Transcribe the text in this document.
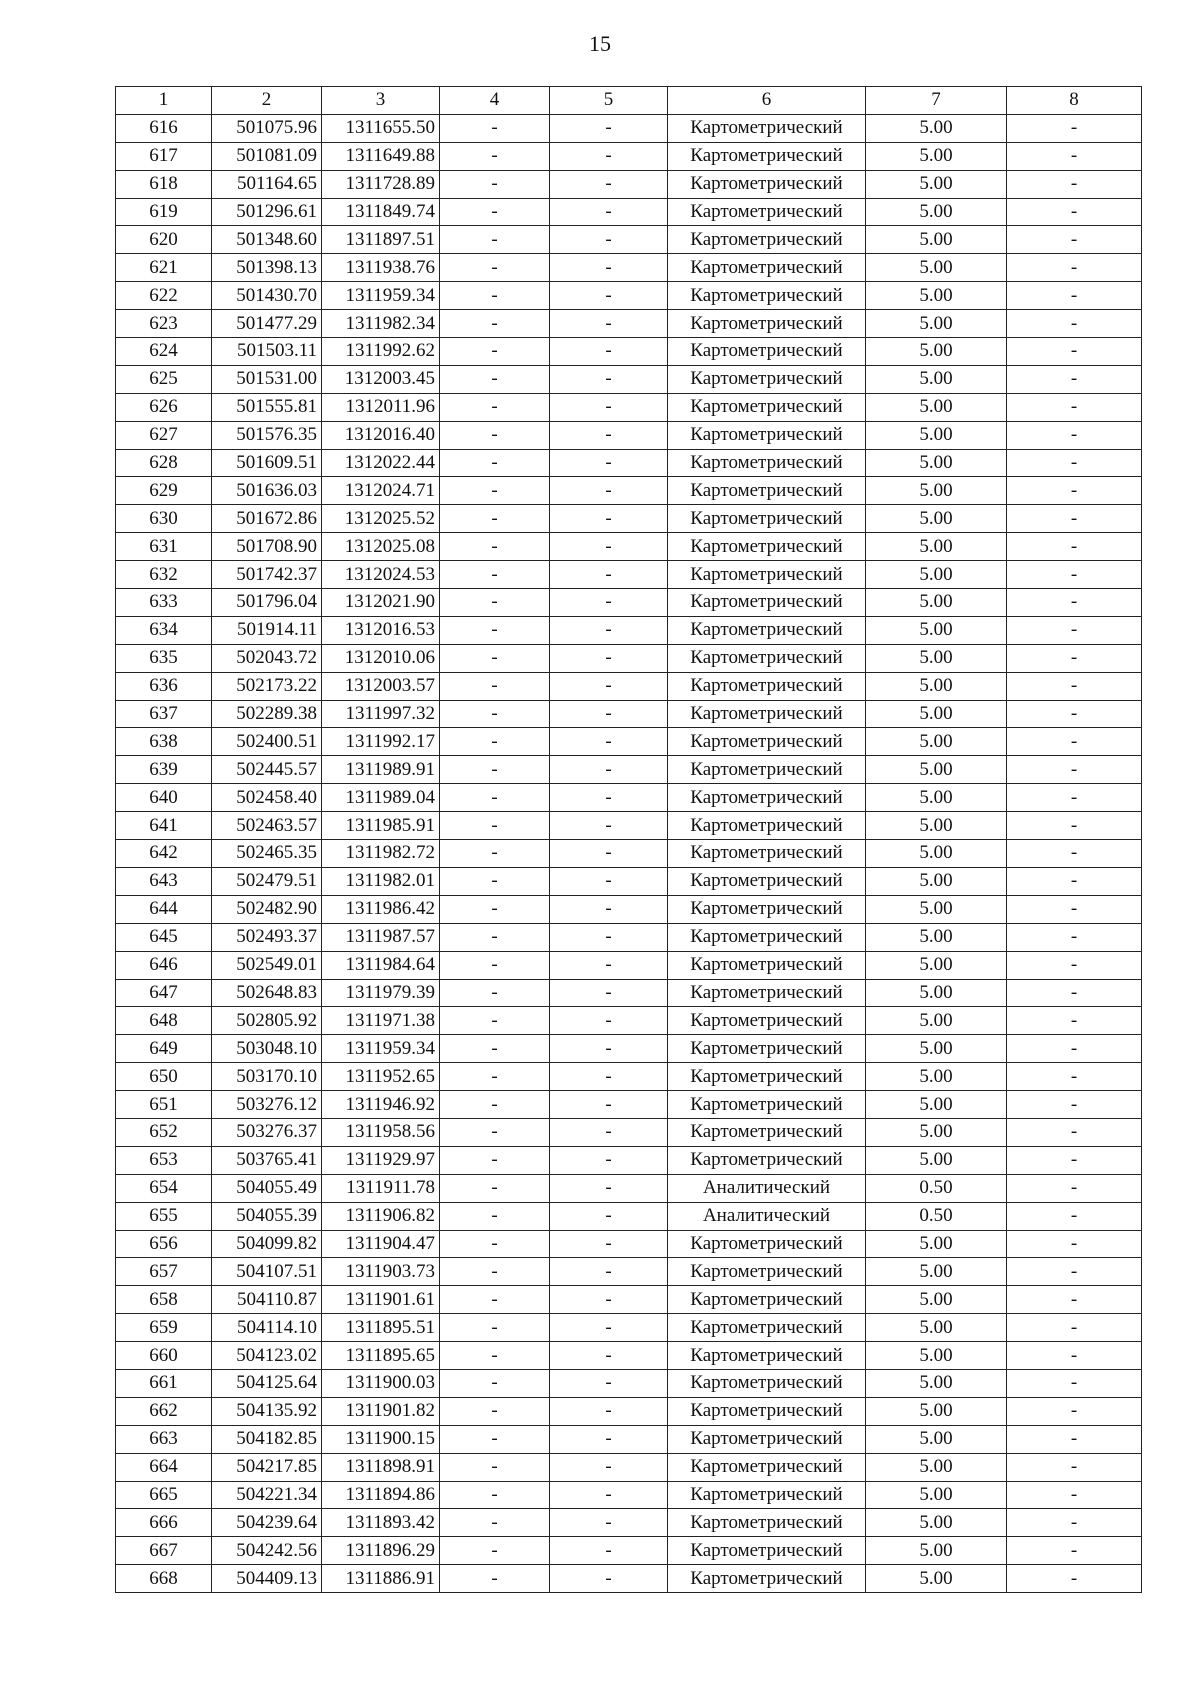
15
1	2	3	4	5	6	7	8
616	501075.96	1311655.50	-	-	Картометрический	5.00	-
617	501081.09	1311649.88	-	-	Картометрический	5.00	-
618	501164.65	1311728.89	-	-	Картометрический	5.00	-
619	501296.61	1311849.74	-	-	Картометрический	5.00	-
620	501348.60	1311897.51	-	-	Картометрический	5.00	-
621	501398.13	1311938.76	-	-	Картометрический	5.00	-
622	501430.70	1311959.34	-	-	Картометрический	5.00	-
623	501477.29	1311982.34	-	-	Картометрический	5.00	-
624	501503.11	1311992.62	-	-	Картометрический	5.00	-
625	501531.00	1312003.45	-	-	Картометрический	5.00	-
626	501555.81	1312011.96	-	-	Картометрический	5.00	-
627	501576.35	1312016.40	-	-	Картометрический	5.00	-
628	501609.51	1312022.44	-	-	Картометрический	5.00	-
629	501636.03	1312024.71	-	-	Картометрический	5.00	-
630	501672.86	1312025.52	-	-	Картометрический	5.00	-
631	501708.90	1312025.08	-	-	Картометрический	5.00	-
632	501742.37	1312024.53	-	-	Картометрический	5.00	-
633	501796.04	1312021.90	-	-	Картометрический	5.00	-
634	501914.11	1312016.53	-	-	Картометрический	5.00	-
635	502043.72	1312010.06	-	-	Картометрический	5.00	-
636	502173.22	1312003.57	-	-	Картометрический	5.00	-
637	502289.38	1311997.32	-	-	Картометрический	5.00	-
638	502400.51	1311992.17	-	-	Картометрический	5.00	-
639	502445.57	1311989.91	-	-	Картометрический	5.00	-
640	502458.40	1311989.04	-	-	Картометрический	5.00	-
641	502463.57	1311985.91	-	-	Картометрический	5.00	-
642	502465.35	1311982.72	-	-	Картометрический	5.00	-
643	502479.51	1311982.01	-	-	Картометрический	5.00	-
644	502482.90	1311986.42	-	-	Картометрический	5.00	-
645	502493.37	1311987.57	-	-	Картометрический	5.00	-
646	502549.01	1311984.64	-	-	Картометрический	5.00	-
647	502648.83	1311979.39	-	-	Картометрический	5.00	-
648	502805.92	1311971.38	-	-	Картометрический	5.00	-
649	503048.10	1311959.34	-	-	Картометрический	5.00	-
650	503170.10	1311952.65	-	-	Картометрический	5.00	-
651	503276.12	1311946.92	-	-	Картометрический	5.00	-
652	503276.37	1311958.56	-	-	Картометрический	5.00	-
653	503765.41	1311929.97	-	-	Картометрический	5.00	-
654	504055.49	1311911.78	-	-	Аналитический	0.50	-
655	504055.39	1311906.82	-	-	Аналитический	0.50	-
656	504099.82	1311904.47	-	-	Картометрический	5.00	-
657	504107.51	1311903.73	-	-	Картометрический	5.00	-
658	504110.87	1311901.61	-	-	Картометрический	5.00	-
659	504114.10	1311895.51	-	-	Картометрический	5.00	-
660	504123.02	1311895.65	-	-	Картометрический	5.00	-
661	504125.64	1311900.03	-	-	Картометрический	5.00	-
662	504135.92	1311901.82	-	-	Картометрический	5.00	-
663	504182.85	1311900.15	-	-	Картометрический	5.00	-
664	504217.85	1311898.91	-	-	Картометрический	5.00	-
665	504221.34	1311894.86	-	-	Картометрический	5.00	-
666	504239.64	1311893.42	-	-	Картометрический	5.00	-
667	504242.56	1311896.29	-	-	Картометрический	5.00	-
668	504409.13	1311886.91	-	-	Картометрический	5.00	-
